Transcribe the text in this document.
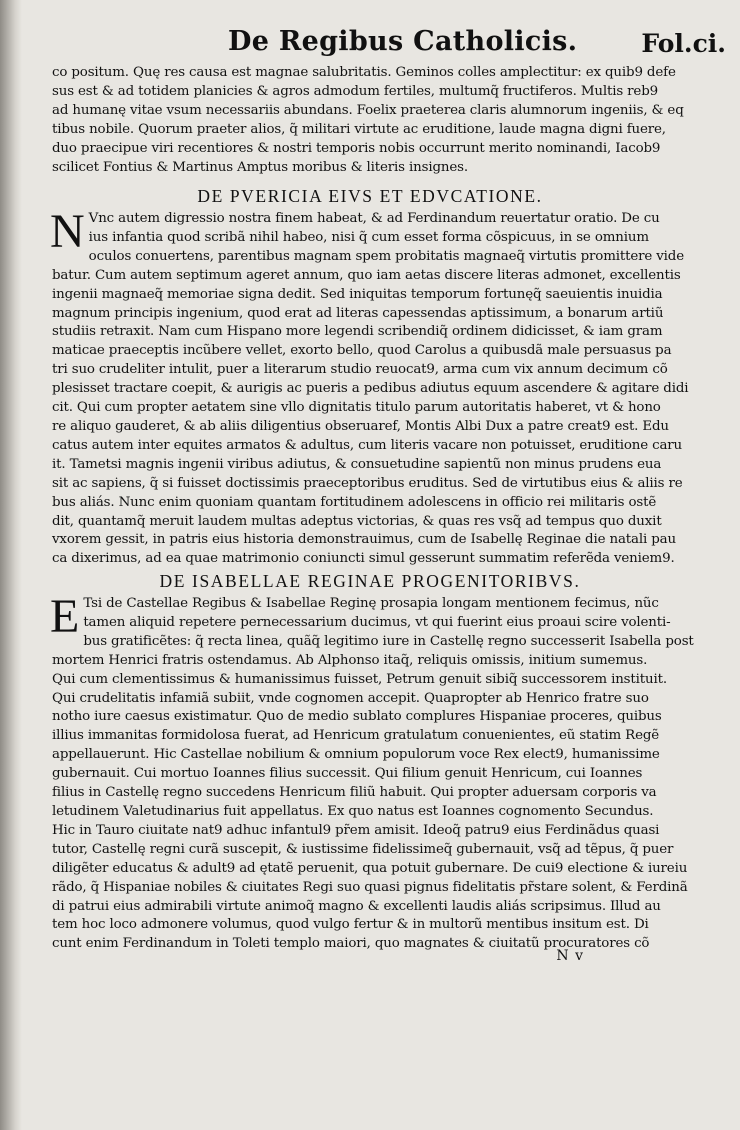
De Regibus Catholicis.	Fol.ci.
co positum. Quę res causa est magnae salubritatis. Geminos colles amplectitur: ex quib9 defe
sus est & ad totidem planicies & agros admodum fertiles, multumq̃ fructiferos. Multis reb9
ad humanę vitae vsum necessariis abundans. Foelix praeterea claris alumnorum ingeniis, & eq
tibus nobile. Quorum praeter alios, q̃ militari virtute ac eruditione, laude magna digni fuere,
duo praecipue viri recentiores & nostri temporis nobis occurrunt merito nominandi, Iacob9
scilicet Fontius & Martinus Amptus moribus & literis insignes.
DE PVERICIA EIVS ET EDVCATIONE.
N Vnc autem digressio nostra finem habeat, & ad Ferdinandum reuertatur oratio. De cu
ius infantia quod scribã nihil habeo, nisi q̃ cum esset forma cõspicuus, in se omnium
oculos conuertens, parentibus magnam spem probitatis magnaeq̃ virtutis promittere vide
batur. Cum autem septimum ageret annum, quo iam aetas discere literas admonet, excellentis
ingenii magnaeq̃ memoriae signa dedit. Sed iniquitas temporum fortunęq̃ saeuientis inuidia
magnum principis ingenium, quod erat ad literas capessendas aptissimum, a bonarum artiũ
studiis retraxit. Nam cum Hispano more legendi scribendiq̃ ordinem didicisset, & iam gram
maticae praeceptis incũbere vellet, exorto bello, quod Carolus a quibusdã male persuasus pa
tri suo crudeliter intulit, puer a literarum studio reuocat9, arma cum vix annum decimum cõ
plesisset tractare coepit, & aurigis ac pueris a pedibus adiutus equum ascendere & agitare didi
cit. Qui cum propter aetatem sine vllo dignitatis titulo parum autoritatis haberet, vt & hono
re aliquo gauderet, & ab aliis diligentius obseruaref, Montis Albi Dux a patre creat9 est. Edu
catus autem inter equites armatos & adultus, cum literis vacare non potuisset, eruditione caru
it. Tametsi magnis ingenii viribus adiutus, & consuetudine sapientũ non minus prudens eua
sit ac sapiens, q̃ si fuisset doctissimis praeceptoribus eruditus. Sed de virtutibus eius & aliis re
bus aliás. Nunc enim quoniam quantam fortitudinem adolescens in officio rei militaris ostẽ
dit, quantamq̃ meruit laudem multas adeptus victorias, & quas res vsq̃ ad tempus quo duxit
vxorem gessit, in patris eius historia demonstrauimus, cum de Isabellę Reginae die natali pau
ca dixerimus, ad ea quae matrimonio coniuncti simul gesserunt summatim referẽda veniem9.
DE ISABELLAE REGINAE PROGENITORIBVS.
E Tsi de Castellae Regibus & Isabellae Reginę prosapia longam mentionem fecimus, nũc
tamen aliquid repetere pernecessarium ducimus, vt qui fuerint eius proaui scire volenti-
bus gratificẽtes: q̃ recta linea, quãq̃ legitimo iure in Castellę regno successerit Isabella post
mortem Henrici fratris ostendamus. Ab Alphonso itaq̃, reliquis omissis, initium sumemus.
Qui cum clementissimus & humanissimus fuisset, Petrum genuit sibiq̃ successorem instituit.
Qui crudelitatis infamiã subiit, vnde cognomen accepit. Quapropter ab Henrico fratre suo
notho iure caesus existimatur. Quo de medio sublato complures Hispaniae proceres, quibus
illius immanitas formidolosa fuerat, ad Henricum gratulatum conuenientes, eũ statim Regẽ
appellauerunt. Hic Castellae nobilium & omnium populorum voce Rex elect9, humanissime
gubernauit. Cui mortuo Ioannes filius successit. Qui filium genuit Henricum, cui Ioannes
filius in Castellę regno succedens Henricum filiũ habuit. Qui propter aduersam corporis va
letudinem Valetudinarius fuit appellatus. Ex quo natus est Ioannes cognomento Secundus.
Hic in Tauro ciuitate nat9 adhuc infantul9 pr̃em amisit. Ideoq̃ patru9 eius Ferdinãdus quasi
tutor, Castellę regni curã suscepit, & iustissime fidelissimeq̃ gubernauit, vsq̃ ad tẽpus, q̃ puer
diligẽter educatus & adult9 ad ętatẽ peruenit, qua potuit gubernare. De cui9 electione & iureiu
rãdo, q̃ Hispaniae nobiles & ciuitates Regi suo quasi pignus fidelitatis pr̃stare solent, & Ferdinã
di patrui eius admirabili virtute animoq̃ magno & excellenti laudis aliás scripsimus. Illud au
tem hoc loco admonere volumus, quod vulgo fertur & in multorũ mentibus insitum est. Di
cunt enim Ferdinandum in Toleti templo maiori, quo magnates & ciuitatũ procuratores cõ
N v
